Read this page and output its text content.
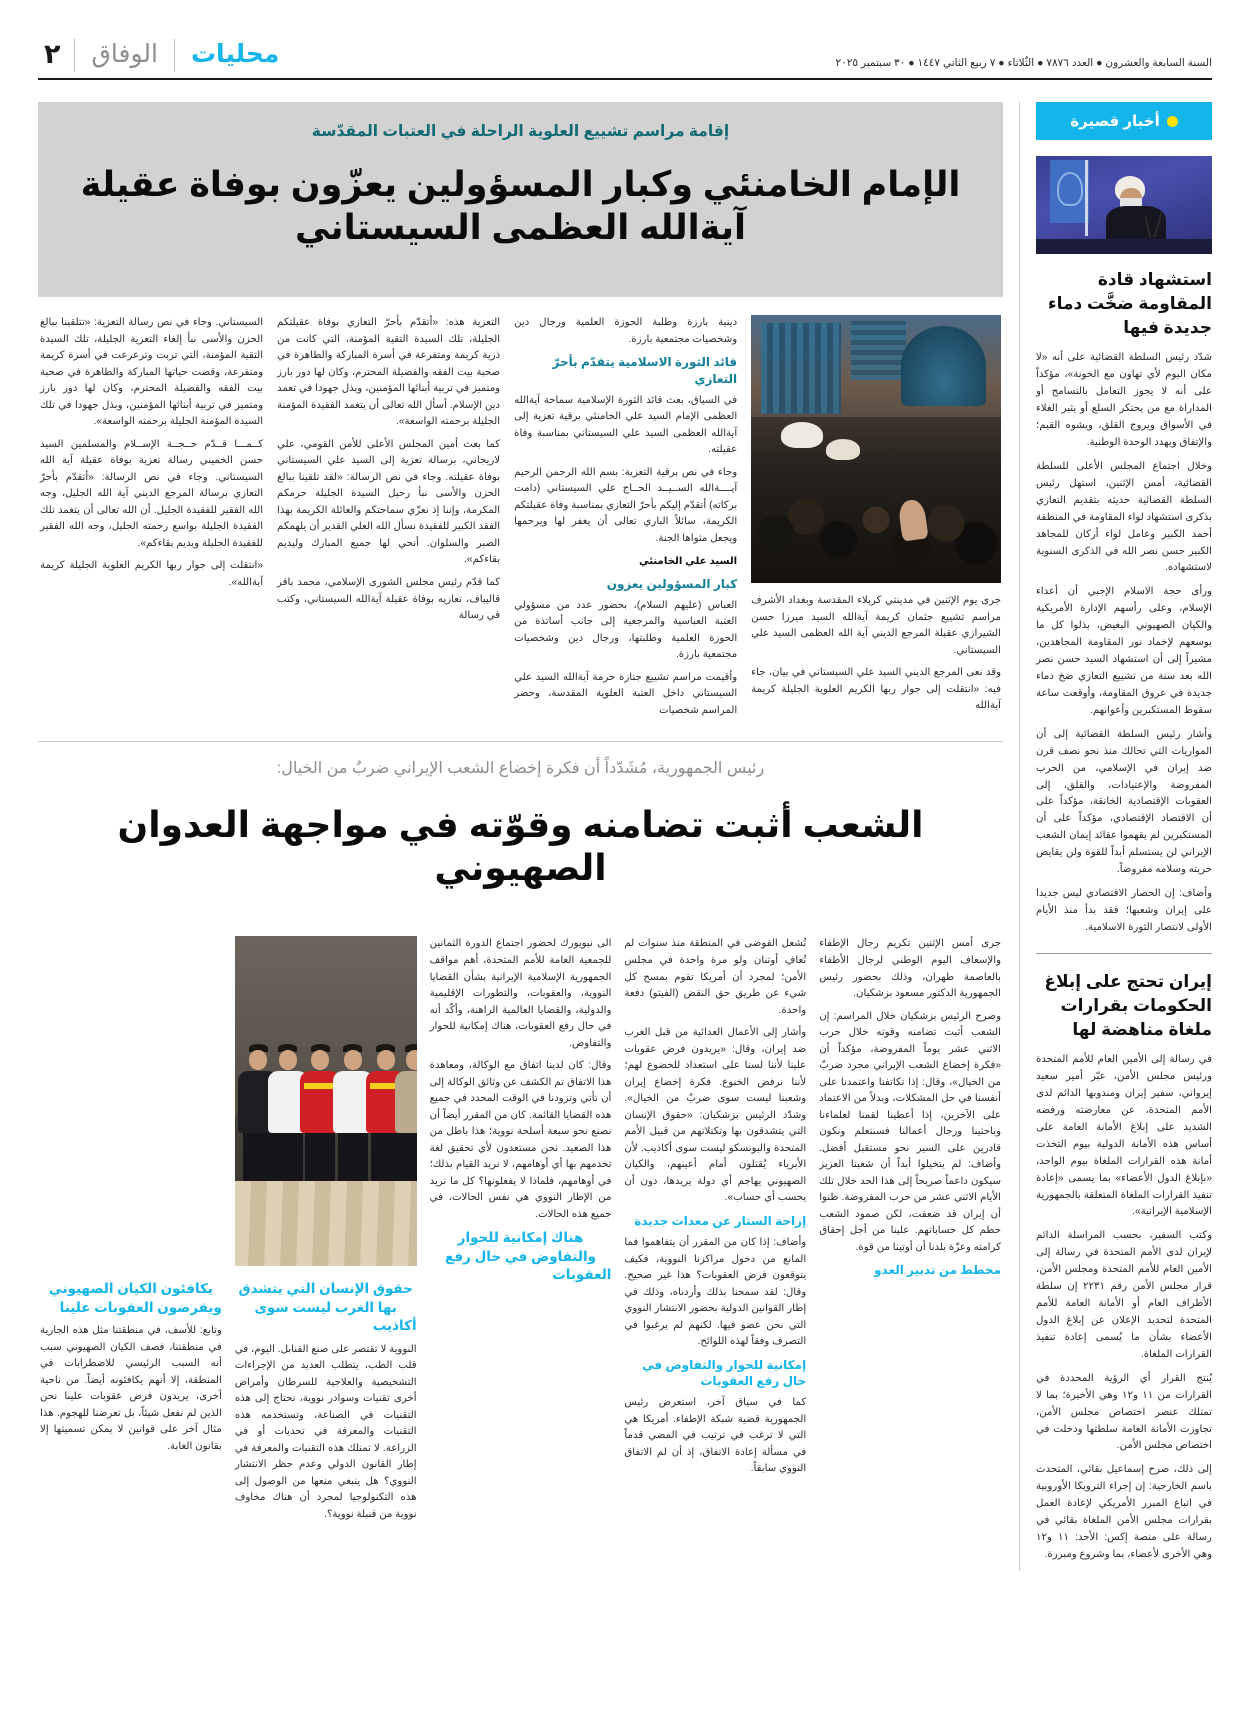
السنة السابعة والعشرون ● العدد ٧٨٧٦ ● الثُلاثاء ● ٧ ربيع الثاني ١٤٤٧ ● ٣٠ سبتمبر ٢٠٢٥
محليات
الوفاق
٢
أخبار قصيرة
استشهاد قادة المقاومة ضخَّت دماء جديدة فيها

شدّد رئيس السلطة القضائية على أنه «لا مكان اليوم لأي تهاون مع الخونة»، مؤكداً على أنه لا يجوز التعامل بالتسامح أو المداراة مع من يحتكر السلع أو يثير الغلاء في الأسواق ويروج القلق، ويشوه القيم؛ والإتفاق ويهدد الوحدة الوطنية.

وخلال اجتماع المجلس الأعلى للسلطة القضائية، أمس الإثنين، استهل رئيس السلطة القضائية حديثه بتقديم التعازي بذكرى استشهاد لواء المقاومة في المنطقة أحمد الكبير وعامل لواء أركان للمجاهد الكبير حسن نصر الله في الذكرى السنوية لاستشهاده.

ورأى حجة الاسلام الإجبي أن أعداء الإسلام، وعلى رأسهم الإدارة الأمريكية والكيان الصهيوني البغيض، بذلوا كل ما بوسعهم لإخماد نور المقاومة المجاهدين، مشيراً إلى أن استشهاد السيد حسن نصر الله بعد سنة من تشييع التعازي ضخ دماء جديدة في عروق المقاومة، وأوقعت ساعة سقوط المستكبرين وأعوانهم.

وأشار رئيس السلطة القضائية إلى أن المواريات التي تحالك منذ نحو نصف قرن ضد إيران في الإسلامي، من الحرب المفروضة والإعتيادات، والقلق، إلى العقوبات الإقتصادية الخانقة، مؤكداً على أن الاقتصاد الإقتصادي، مؤكداً على أن المستكبرين لم يقهموا عقائد إيمان الشعب الإيراني لن يستسلم أبداً للقوة ولن يقايض حريته وسلامه مفروضاً.

وأضاف: إن الحصار الاقتصادي ليس جديدا على إيران وشعبها؛ فقد بدأ منذ الأيام الأولى لانتصار الثورة الاسلامية.

إيران تحتج على إبلاغ الحكومات بقرارات ملغاة مناهضة لها

في رسالة إلى الأمين العام للأمم المتحدة ورئيس مجلس الأمن، عبّر أمير سعيد إيرواني، سفير إيران ومندوبها الدائم لدى الأمم المتحدة، عن معارضته ورفضه الشديد على إبلاغ الأمانة العامة على أساس هذه الأمانة الدولية بيوم التخذت أمانة هذه القرارات الملغاة بيوم الواحد، «بإبلاغ الدول الأعضاء» بما يسمى «إعادة تنفيذ القرارات الملغاة المتعلقة بالجمهورية الإسلامية الإيرانية».

وكتب السفير، بحسب المراسلة الدائم لإيران لدى الأمم المتحدة في رسالة إلى الأمين العام للأمم المتحدة ومجلس الأمن، قرار مجلس الأمن رقم ٢٢٣١ إن سلطة الأطراف العام أو الأمانة العامة للأمم المتحدة لتحديد الإعلان عن إبلاغ الدول الأعضاء بشأن ما يُسمى إعادة تنفيذ القرارات الملغاة.

يُنتج القرار أي الرؤية المحددة في القرارات من ١١ و١٢ وهي الأخيرة؛ بما لا تمتلك عنصر اختصاص مجلس الأمن، تجاوزت الأمانة العامة سلطتها ودخلت في اختصاص مجلس الأمن.

إلى ذلك، صرح إسماعيل بقائي، المتحدث باسم الخارجية: إن إجراء الترويكا الأوروبية في اتباع المبرر الأمريكي لإعادة العمل بقرارات مجلس الأمن الملغاة بقائي في رسالة على منصة إكس: الأحد: ١١ و١٢ وهي الأخرى لأعضاء، بما وشروع ومبررة.

إقامة مراسم تشييع العلوية الراحلة في العتبات المقدّسة
الإمام الخامنئي وكبار المسؤولين يعزّون بوفاة عقيلة آيةالله العظمى السيستاني

جرى يوم الإثنين في مدينتي كربلاء المقدسة وبغداد الأشرف مراسم تشييع جثمان كريمة آيةالله السيد ميرزا حسن الشيرازي عقيلة المرجع الديني آية الله العظمى السيد علي السيستاني.

وقد نعى المرجع الديني السيد علي السيستاني في بيان، جاء فيه: «انتقلت إلى جوار ربها الكريم العلوية الجليلة كريمة آيةالله

دينية بارزة وطلبة الحوزة العلمية ورجال دين وشخصيات مجتمعية بارزة.

قائد الثورة الاسلامية يتقدّم بأحرّ التعازي

في السياق، بعث قائد الثورة الإسلامية سماحة آيةالله العظمى الإمام السيد علي الخامنئي برقية تعزية إلى آيةالله العظمى السيد علي السيستاني بمناسبة وفاة عقيلته.

وجاء في نص برقية التعزية: بسم الله الرحمن الرحيم آيــــةالله الســيــد الحــاج علي السيستاني (دامت بركاته) أتقدّم إليكم بأحرّ التعازي بمناسبة وفاة عقيلتكم الكريمة، سائلاً الباري تعالى أن يغفر لها ويرحمها ويجعل مثواها الجنة.

السيد علي الخامنئي

كبار المسؤولين يعزون

العباس (عليهم السلام)، بحضور عدد من مسؤولي العتبة العباسية والمرجعية إلى جانب أساتذة من الحوزة العلمية وطلبتها، ورجال دين وشخصيات مجتمعية بارزة.

وأقيمت مراسم تشييع جنازة حرمة آيةالله السيد علي السيستاني داخل العتبة العلوية المقدسة، وحضر المراسم شخصيات

التعزية هذه: «أتقدّم بأحرّ التعازي بوفاة عقيلتكم الجليلة، تلك السيدة التقية المؤمنة، التي كانت من ذرية كريمة ومتفرعة في أسرة المباركة والطاهرة في صحبة بيت الفقه والفضيلة المحترم، وكان لها دور بارز ومتميز في تربية أبنائها المؤمنين، وبذل جهودا في تعمد دين الإسلام. أسأل الله تعالى أن يتغمد الفقيدة المؤمنة الجليلة برحمته الواسعة».

كما بعث أمين المجلس الأعلى للأمن القومي، علي لاريجاني، برسالة تعزية إلى السيد علي السيستاني بوفاة عقيلته. وجاء في نص الرسالة: «لقد تلقينا ببالغ الحزن والأسى نبأ رحيل السيدة الجليلة حرمكم المكرمة، وإننا إذ نعزّي سماحتكم والعائلة الكريمة بهذا الفقد الكبير للفقيدة نسأل الله العلي القدير أن يلهمكم الصبر والسلوان. أنحي لها جميع المبارك وليديم بقاءكم».

كما قدّم رئيس مجلس الشورى الإسلامي، محمد باقر قاليباف، تعازيه بوفاة عقيلة آيةالله السيستاني، وكتب في رسالة

السيستاني. وجاء في نص رسالة التعزية: «تتلقينا ببالغ الحزن والأسى نبأ إلغاء التعزية الجليلة، تلك السيدة التقية المؤمنة، التي تربت وترعرعت في أسرة كريمة ومتفرعة، وقضت حياتها المباركة والطاهرة في صحبة بيت الفقه والفضيلة المحترم، وكان لها دور بارز ومتميز في تربية أبنائها المؤمنين، وبذل جهودا في تلك السيدة المؤمنة الجليلة برحمته الواسعة».

كــمـــا قــدّم حــجــة الإســلام والمسلمين السيد حسن الخميني رسالة تعزية بوفاة عقيلة آية الله السيستاني. وجاء في نص الرسالة: «أتقدّم بأحرّ التعازي برسالة المرجع الديني آية الله الجليل، وجه الله الفقير للفقيدة الجليل. أن الله تعالى أن يتغمد تلك الفقيدة الجليلة بواسع رحمته الجليل، وجه الله الفقير للفقيدة الجليلة ويديم بقاءكم».

«انتقلت إلى جوار ربها الكريم العلوية الجليلة كريمة آيةالله».

رئيس الجمهورية، مُشَدّداً أن فكرة إخضاع الشعب الإيراني ضربٌ من الخيال:
الشعب أثبت تضامنه وقوّته في مواجهة العدوان الصهيوني

جرى أمس الإثنين تكريم رجال الإطفاء والإسعاف اليوم الوطني لرجال الأطفاء بالعاصمة طهران، وذلك بحضور رئيس الجمهورية الدكتور مسعود بزشكيان.

وصرح الرئيس بزشكيان خلال المراسم: إن الشعب أثبت تضامنه وقوته خلال حرب الاثني عشر يوماً المفروضة، مؤكداً أن «فكرة إخضاع الشعب الإيراني مجرد ضربٌ من الخيال»، وقال: إذا تكاتفنا واعتمدنا على أنفسنا في حل المشكلات، وبدلاً من الاعتماد على الآخرين، إذا أعطينا لقمنا لعلماءنا وباحثينا ورجال أعمالنا فسنتعلم ونكون قادرين على السير نحو مستقبل أفضل. وأضاف: لم يتخيلوا أبداً أن شعبنا العزيز سيكون داعماً صريحاً إلى هذا الحد خلال تلك الأيام الاثني عشر من حرب المفروضة. ظنوا أن إيران قد ضعفت، لكن صمود الشعب حطم كل حساباتهم. علينا من أجل إحقاق كرامته وعزّة بلدنا أن أوتينا من قوة.

مخطط من تدبير العدو

تُشعل الفوضى في المنطقة منذ سنوات لم تُعافِ أوتنان ولو مرة واحدة في مجلس الأمن؛ لمجرد أن أمريكا تقوم بمسح كل شيء عن طريق حق النقض (الفيتو) دفعة واحدة.

وأشار إلى الأعمال العدائية من قبل الغرب ضد إيران، وقال: «يريدون فرض عقوبات علينا لأننا لسنا على استعداد للخضوع لهم؛ لأننا نرفض الخنوع. فكرة إخضاع إيران وشعبنا ليست سوى ضربٌ من الخيال». وشدّد الرئيس بزشكيان: «حقوق الإنسان التي يتشدقون بها وتكتلاتهم من قبيل الأمم المتحدة واليونسكو ليست سوى أكاذيب. لأن الأبرياء يُقتلون أمام أعينهم، والكيان الصهيوني يهاجم أي دولة يريدها، دون أن يحسب أي حساب».

إزاحة الستار عن معدات جديدة

وأضاف: إذا كان من المقرر أن يتفاهموا فما المانع من دخول مراكزنا النووية، فكيف يتوقعون فرض العقوبات؟ هذا غير صحيح. وقال: لقد سمحنا بذلك وأردناه، وذلك في إطار القوانين الدولية بحضور الانتشار النووي التي نحن عضو فيها. لكنهم لم يرغبوا في التصرف وفقاً لهذه اللوائح.

إمكانية للحوار والتفاوض في حال رفع العقوبات

كما في سياق آخر، استعرض رئيس الجمهورية قضية شبكة الإطفاء. أمريكا هي التي لا ترغب في ترتيب في المضي قدماً في مسألة إعادة الاتفاق، إذ أن لم الاتفاق النووي سابقاً.

الى نيويورك لحضور اجتماع الدورة الثمانين للجمعية العامة للأمم المتحدة، أهم مواقف الجمهورية الإسلامية الإيرانية بشأن القضايا النووية، والعقوبات، والتطورات الإقليمية والدولية، والقضايا العالمية الراهنة، وأكّد أنه في حال رفع العقوبات، هناك إمكانية للحوار والتفاوض.

وقال: كان لدينا اتفاق مع الوكالة، ومعاهدة هذا الاتفاق تم الكشف عن وثائق الوكالة إلى أن تأتي وتزودنا في الوقت المحدد في جميع هذه القضايا القائمة. كان من المقرر أيضاً أن نصنع نحو سبعة أسلحة نووية؛ هذا باطل من هذا الصعيد. نحن مستعدون لأي تحقيق لغة تخدمهم بها أي أوهامهم، لا نريد القيام بذلك؛ في أوهامهم، فلماذا لا يفعلونها؟ كل ما نريد من الإطار النووي هي نفس الحالات، في جميع هذه الحالات.

هناك إمكانية للحوار والتفاوض في حال رفع العقوبات
حقوق الإنسان التي يتشدق بها الغرب ليست سوى أكاذيب

النووية لا تقتصر على صنع القنابل. اليوم، في قلب الطب، يتطلب العديد من الإجراءات التشخيصية والعلاجية للسرطان وأمراض أخرى تقنيات وسوادر نووية، نحتاج إلى هذه التقنيات في الصناعة، وتستخدمه هذه التقنيات والمعرفة في تحديات أو في الزراعة. لا تمتلك هذه التقنيات والمعرفة في إطار القانون الدولي وعدم حظر الانتشار النووي؟ هل ينبغي منعها من الوصول إلى هذه التكنولوجيا لمجرد أن هناك مخاوف نووية من قنبلة نووية؟.

يكافئون الكيان الصهيوني ويفرضون العقوبات علينا

وتابع: للأسف، في منطقتنا مثل هذه الجارية في منطقتنا، فصف الكيان الصهيوني سبب أنه السبب الرئيسي للاضطرابات في المنطقة، إلا أنهم يكافئونه أيضاً. من ناحية أخرى، يريدون فرض عقوبات علينا نحن الذين لم نفعل شيئاً، بل تعرضنا للهجوم. هذا مثال آخر على قوانين لا يمكن تسميتها إلا بقانون الغابة.
